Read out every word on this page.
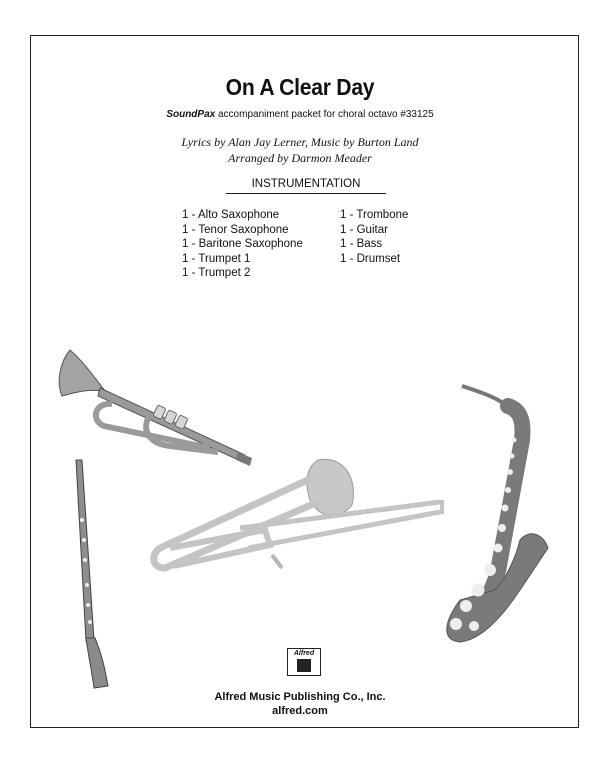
On A Clear Day
SoundPax accompaniment packet for choral octavo #33125
Lyrics by Alan Jay Lerner, Music by Burton Land
Arranged by Darmon Meader
INSTRUMENTATION
1 - Alto Saxophone
1 - Tenor Saxophone
1 - Baritone Saxophone
1 - Trumpet 1
1 - Trumpet 2
1 - Trombone
1 - Guitar
1 - Bass
1 - Drumset
Alfred
Alfred Music Publishing Co., Inc.
alfred.com
